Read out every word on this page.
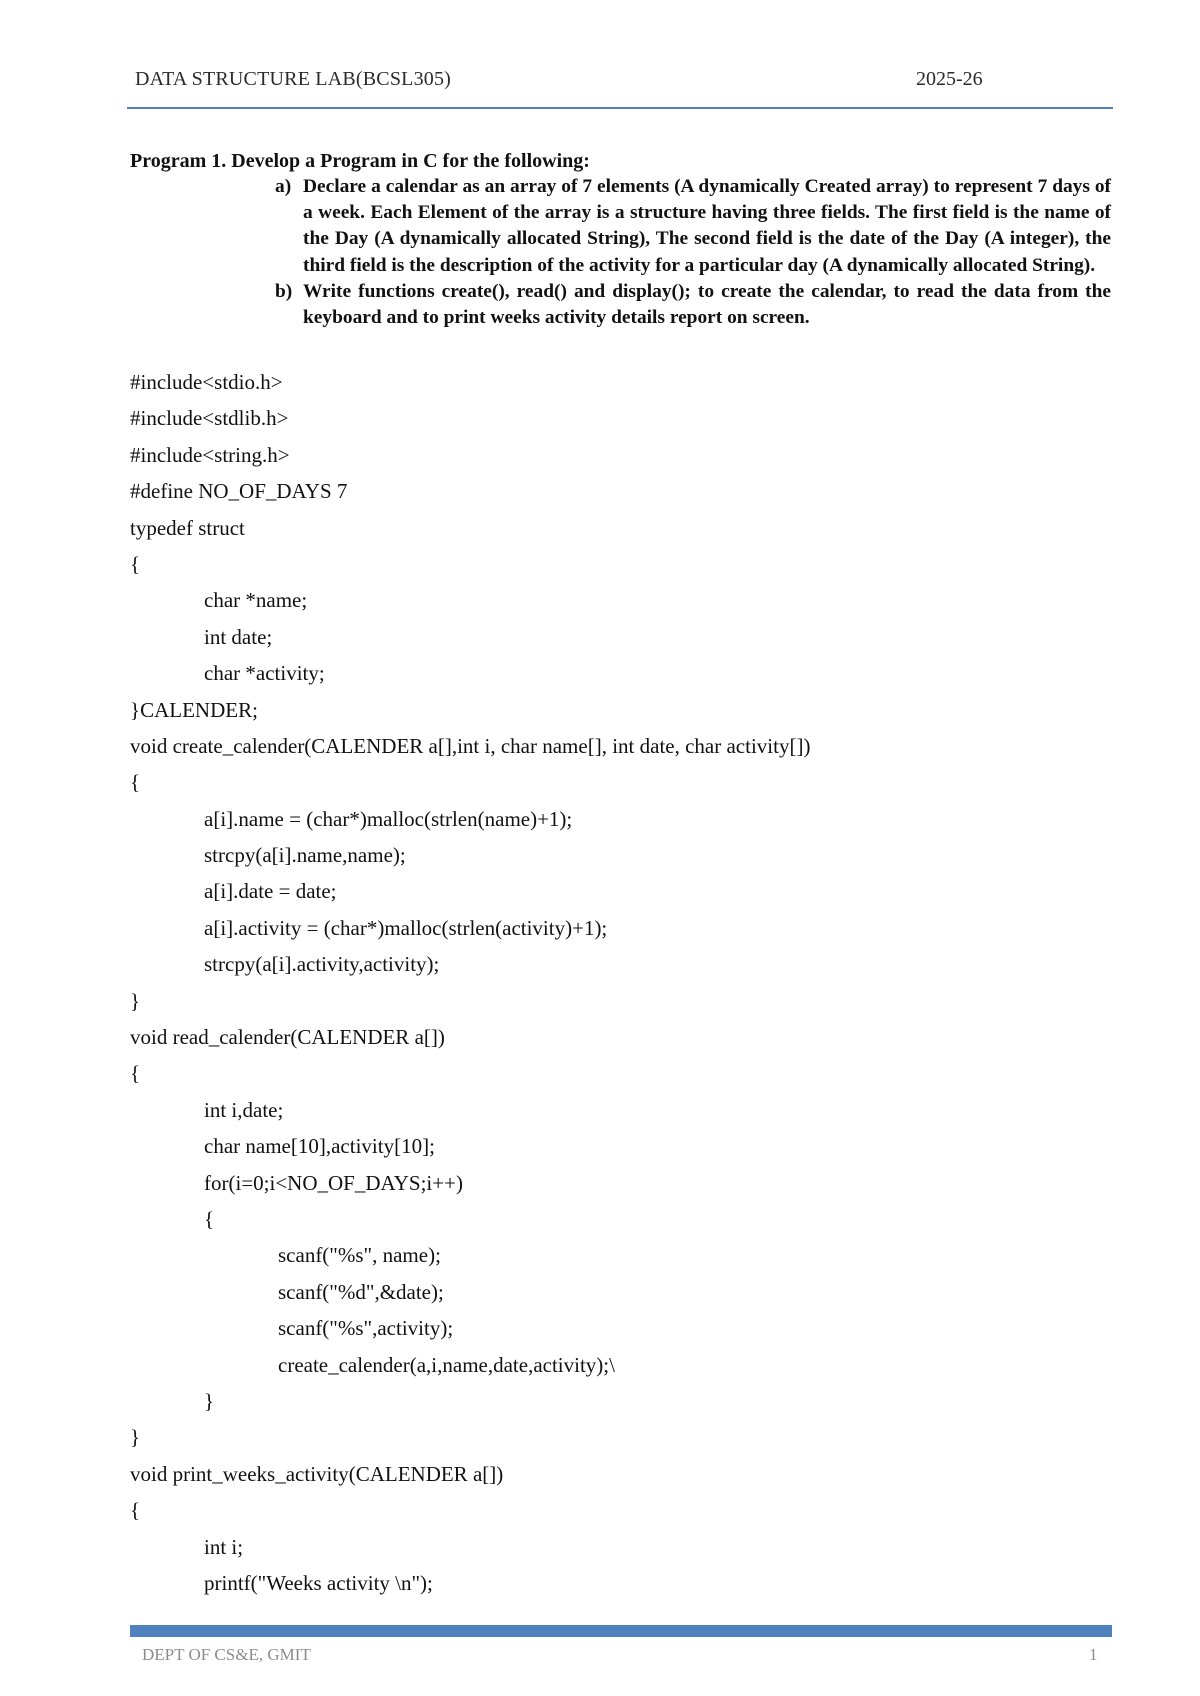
DATA STRUCTURE LAB(BCSL305)	2025-26
Program 1. Develop a Program in C for the following:
a) Declare a calendar as an array of 7 elements (A dynamically Created array) to represent 7 days of a week. Each Element of the array is a structure having three fields. The first field is the name of the Day (A dynamically allocated String), The second field is the date of the Day (A integer), the third field is the description of the activity for a particular day (A dynamically allocated String).
b) Write functions create(), read() and display(); to create the calendar, to read the data from the keyboard and to print weeks activity details report on screen.
#include<stdio.h>
#include<stdlib.h>
#include<string.h>
#define NO_OF_DAYS 7
typedef struct
{
char *name;
int date;
char *activity;
}CALENDER;
void create_calender(CALENDER a[],int i, char name[], int date, char activity[])
{
a[i].name = (char*)malloc(strlen(name)+1);
strcpy(a[i].name,name);
a[i].date = date;
a[i].activity = (char*)malloc(strlen(activity)+1);
strcpy(a[i].activity,activity);
}
void read_calender(CALENDER a[])
{
int i,date;
char name[10],activity[10];
for(i=0;i<NO_OF_DAYS;i++)
{
scanf("%s", name);
scanf("%d",&date);
scanf("%s",activity);
create_calender(a,i,name,date,activity);\
}
}
void print_weeks_activity(CALENDER a[])
{
int i;
printf("Weeks activity \n");
DEPT OF CS&E, GMIT	1
